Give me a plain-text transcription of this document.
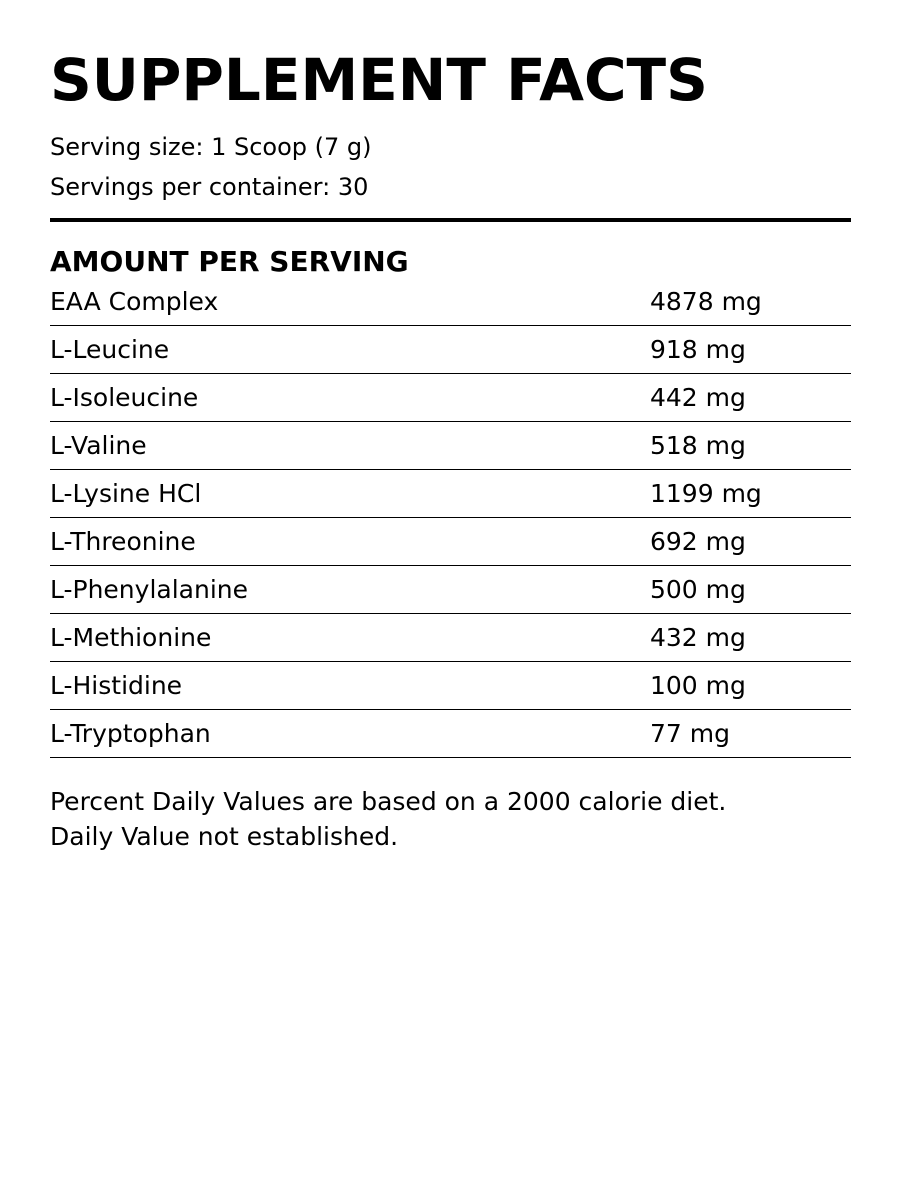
SUPPLEMENT FACTS
Serving size: 1 Scoop (7 g)
Servings per container: 30
AMOUNT PER SERVING
EAA Complex	4878 mg
L-Leucine	918 mg
L-Isoleucine	442 mg
L-Valine	518 mg
L-Lysine HCl	1199 mg
L-Threonine	692 mg
L-Phenylalanine	500 mg
L-Methionine	432 mg
L-Histidine	100 mg
L-Tryptophan	77 mg
Percent Daily Values are based on a 2000 calorie diet.
Daily Value not established.
